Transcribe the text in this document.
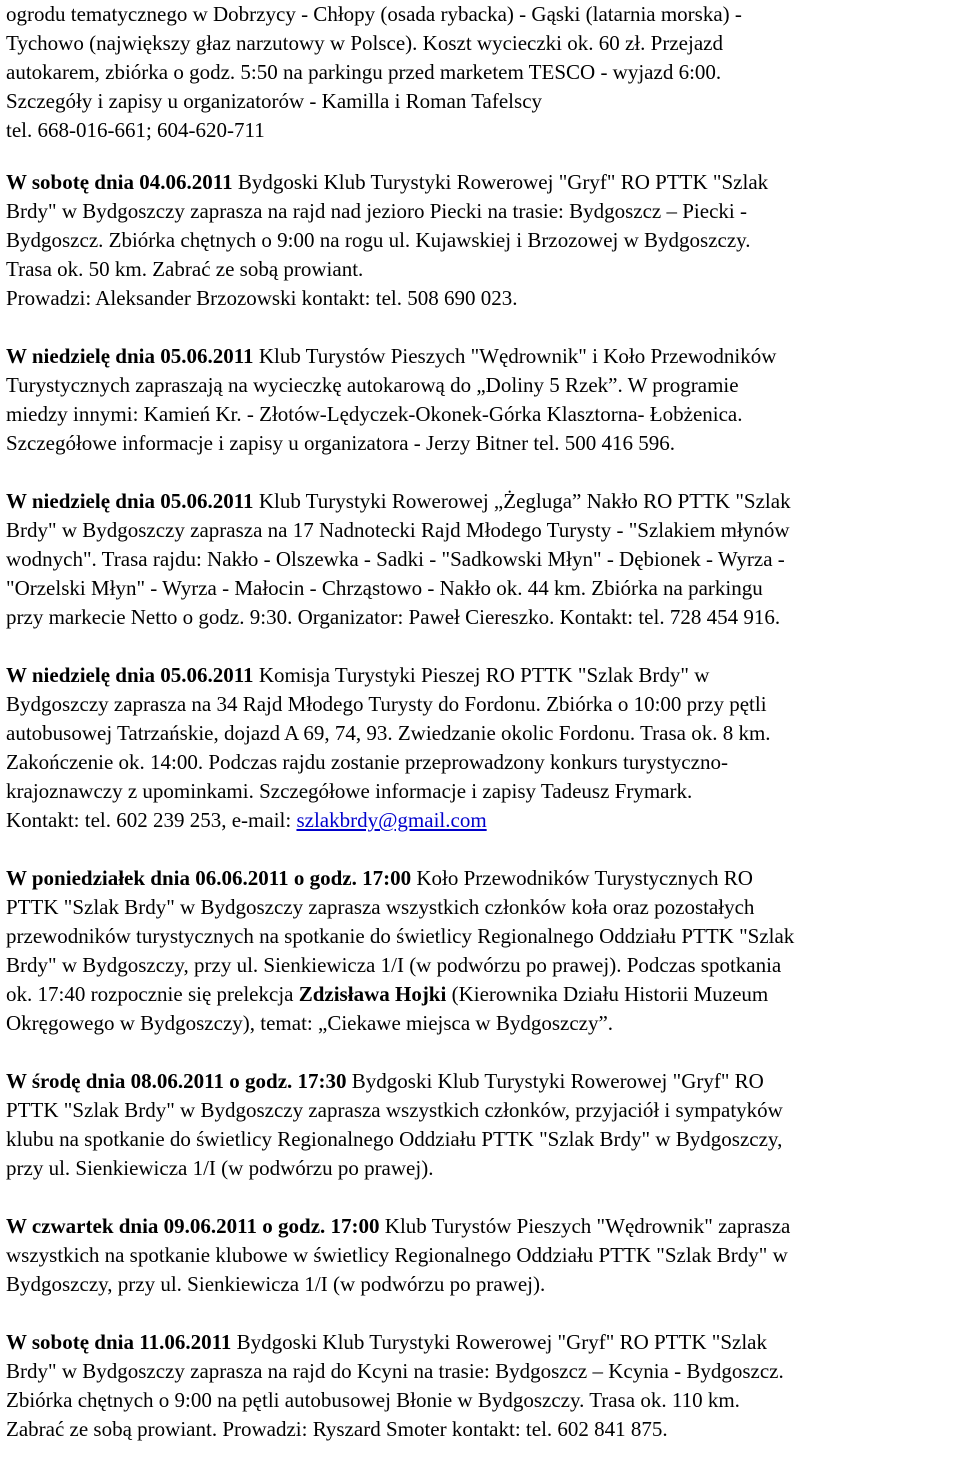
ogrodu tematycznego w Dobrzycy - Chłopy (osada rybacka) - Gąski (latarnia morska) -
Tychowo (największy głaz narzutowy w Polsce). Koszt wycieczki ok. 60 zł. Przejazd
autokarem, zbiórka o godz. 5:50 na parkingu przed marketem TESCO - wyjazd 6:00.
Szczegóły i zapisy u organizatorów - Kamilla i Roman Tafelscy
tel. 668-016-661; 604-620-711
W sobotę dnia 04.06.2011 Bydgoski Klub Turystyki Rowerowej "Gryf" RO PTTK "Szlak
Brdy" w Bydgoszczy zaprasza na rajd nad jezioro Piecki na trasie: Bydgoszcz – Piecki -
Bydgoszcz. Zbiórka chętnych o 9:00 na rogu ul. Kujawskiej i Brzozowej w Bydgoszczy.
Trasa ok. 50 km. Zabrać ze sobą prowiant.
Prowadzi: Aleksander Brzozowski kontakt: tel. 508 690 023.
W niedzielę dnia 05.06.2011 Klub Turystów Pieszych "Wędrownik" i Koło Przewodników
Turystycznych zapraszają na wycieczkę autokarową do „Doliny 5 Rzek”. W programie
miedzy innymi: Kamień Kr. - Złotów-Lędyczek-Okonek-Górka Klasztorna- Łobżenica.
Szczegółowe informacje i zapisy u organizatora - Jerzy Bitner tel. 500 416 596.
W niedzielę dnia 05.06.2011 Klub Turystyki Rowerowej „Żegluga” Nakło RO PTTK "Szlak
Brdy" w Bydgoszczy zaprasza na 17 Nadnotecki Rajd Młodego Turysty - "Szlakiem młynów
wodnych". Trasa rajdu: Nakło - Olszewka - Sadki - "Sadkowski Młyn" - Dębionek - Wyrza -
"Orzelski Młyn" - Wyrza - Małocin - Chrząstowo - Nakło ok. 44 km. Zbiórka na parkingu
przy markecie Netto o godz. 9:30. Organizator: Paweł Ciereszko. Kontakt: tel. 728 454 916.
W niedzielę dnia 05.06.2011 Komisja Turystyki Pieszej RO PTTK "Szlak Brdy" w
Bydgoszczy zaprasza na 34 Rajd Młodego Turysty do Fordonu. Zbiórka o 10:00 przy pętli
autobusowej Tatrzańskie, dojazd A 69, 74, 93. Zwiedzanie okolic Fordonu. Trasa ok. 8 km.
Zakończenie ok. 14:00. Podczas rajdu zostanie przeprowadzony konkurs turystyczno-
krajoznawczy z upominkami. Szczegółowe informacje i zapisy Tadeusz Frymark.
Kontakt: tel. 602 239 253, e-mail: szlakbrdy@gmail.com
W poniedziałek dnia 06.06.2011 o godz. 17:00 Koło Przewodników Turystycznych RO
PTTK "Szlak Brdy" w Bydgoszczy zaprasza wszystkich członków koła oraz pozostałych
przewodników turystycznych na spotkanie do świetlicy Regionalnego Oddziału PTTK "Szlak
Brdy" w Bydgoszczy, przy ul. Sienkiewicza 1/I (w podwórzu po prawej). Podczas spotkania
ok. 17:40 rozpocznie się prelekcja Zdzisława Hojki (Kierownika Działu Historii Muzeum
Okręgowego w Bydgoszczy), temat: „Ciekawe miejsca w Bydgoszczy”.
W środę dnia 08.06.2011 o godz. 17:30 Bydgoski Klub Turystyki Rowerowej "Gryf" RO
PTTK "Szlak Brdy" w Bydgoszczy zaprasza wszystkich członków, przyjaciół i sympatyków
klubu na spotkanie do świetlicy Regionalnego Oddziału PTTK "Szlak Brdy" w Bydgoszczy,
przy ul. Sienkiewicza 1/I (w podwórzu po prawej).
W czwartek dnia 09.06.2011 o godz. 17:00 Klub Turystów Pieszych "Wędrownik" zaprasza
wszystkich na spotkanie klubowe w świetlicy Regionalnego Oddziału PTTK "Szlak Brdy" w
Bydgoszczy, przy ul. Sienkiewicza 1/I (w podwórzu po prawej).
W sobotę dnia 11.06.2011 Bydgoski Klub Turystyki Rowerowej "Gryf" RO PTTK "Szlak
Brdy" w Bydgoszczy zaprasza na rajd do Kcyni na trasie: Bydgoszcz – Kcynia - Bydgoszcz.
Zbiórka chętnych o 9:00 na pętli autobusowej Błonie w Bydgoszczy. Trasa ok. 110 km.
Zabrać ze sobą prowiant. Prowadzi: Ryszard Smoter kontakt: tel. 602 841 875.
